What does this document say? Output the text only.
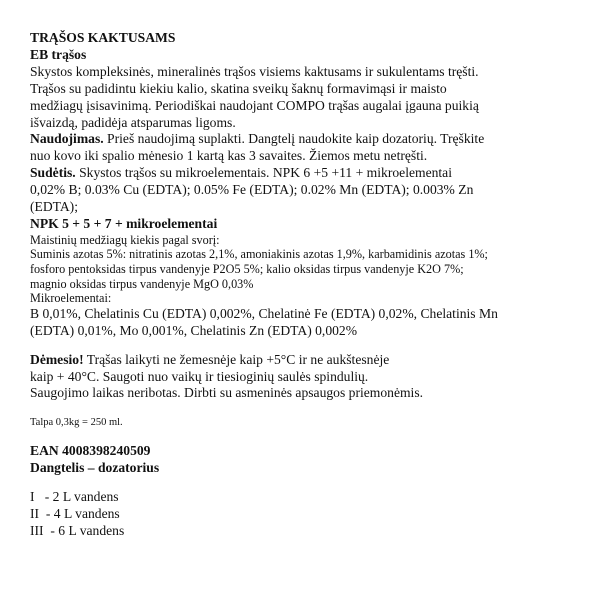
TRĄŠOS KAKTUSAMS
EB trąšos
Skystos kompleksinės, mineralinės trąšos visiems kaktusams ir sukulentams tręšti.
Trąšos su padidintu kiekiu kalio, skatina sveikų šaknų formavimąsi ir maisto
medžiagų įsisavinimą. Periodiškai naudojant COMPO trąšas augalai įgauna puikią
išvaizdą, padidėja atsparumas ligoms.
Naudojimas. Prieš naudojimą suplakti. Dangtelį naudokite kaip dozatorių. Tręškite
nuo kovo iki spalio mėnesio 1 kartą kas 3 savaites. Žiemos metu netręšti.
Sudėtis. Skystos trąšos su mikroelementais. NPK 6 +5 +11 + mikroelementai
0,02% B; 0.03% Cu (EDTA); 0.05% Fe (EDTA); 0.02% Mn (EDTA); 0.003% Zn
(EDTA);
NPK 5 + 5 + 7 + mikroelementai
Maistinių medžiagų kiekis pagal svorį:
Suminis azotas 5%: nitratinis azotas 2,1%, amoniakinis azotas 1,9%, karbamidinis azotas 1%;
fosforo pentoksidas tirpus vandenyje P2O5 5%; kalio oksidas tirpus vandenyje K2O 7%;
magnio oksidas tirpus vandenyje MgO 0,03%
Mikroelementai:
B 0,01%, Chelatinis Cu (EDTA) 0,002%, Chelatinė Fe (EDTA) 0,02%, Chelatinis Mn
(EDTA) 0,01%, Mo 0,001%, Chelatinis Zn (EDTA) 0,002%
Dėmesio! Trąšas laikyti ne žemesnėje kaip +5°C ir ne aukštesnėje
kaip + 40°C. Saugoti nuo vaikų ir tiesioginių saulės spindulių.
Saugojimo laikas neribotas. Dirbti su asmeninės apsaugos priemonėmis.
Talpa 0,3kg = 250 ml.
EAN 4008398240509
Dangtelis – dozatorius
I   - 2 L vandens
II  - 4 L vandens
III  - 6 L vandens
